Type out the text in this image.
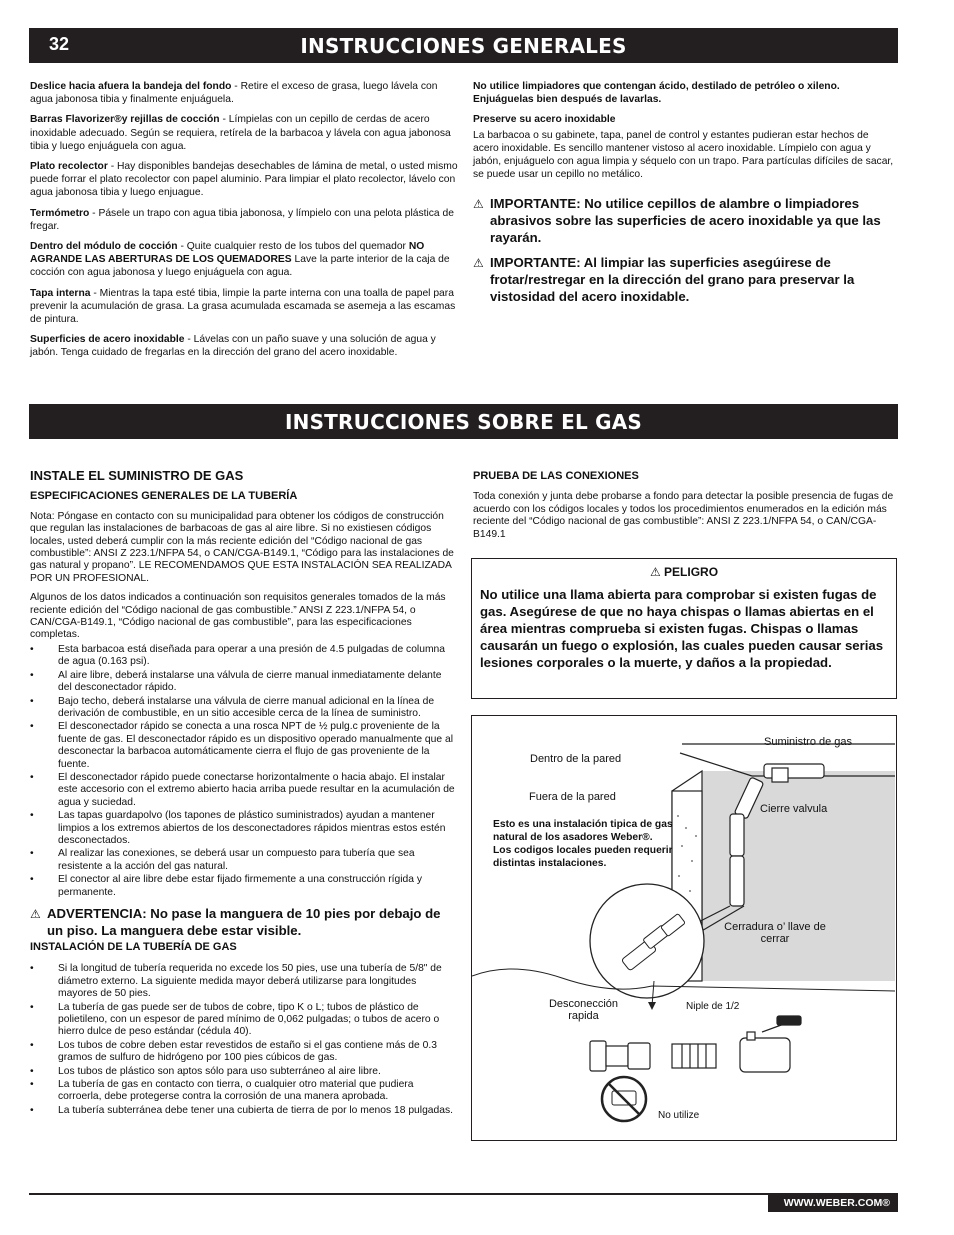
32	INSTRUCCIONES GENERALES

Deslice hacia afuera la bandeja del fondo - Retire el exceso de grasa, luego lávela con agua jabonosa tibia y finalmente enjuáguela.

Barras Flavorizer®y rejillas de cocción - Límpielas con un cepillo de cerdas de acero inoxidable adecuado. Según se requiera, retírela de la barbacoa y lávela con agua jabonosa tibia y luego enjuáguela con agua.

Plato recolector - Hay disponibles bandejas desechables de lámina de metal, o usted mismo puede forrar el plato recolector con papel aluminio. Para limpiar el plato recolector, lávelo con agua jabonosa tibia y luego enjuague.

Termómetro - Pásele un trapo con agua tibia jabonosa, y límpielo con una pelota plástica de fregar.

Dentro del módulo de cocción - Quite cualquier resto de los tubos del quemador NO AGRANDE LAS ABERTURAS DE LOS QUEMADORES Lave la parte interior de la caja de cocción con agua jabonosa y luego enjuáguela con agua.

Tapa interna - Mientras la tapa esté tibia, limpie la parte interna con una toalla de papel para prevenir la acumulación de grasa. La grasa acumulada escamada se asemeja a las escamas de pintura.

Superficies de acero inoxidable - Lávelas con un paño suave y una solución de agua y jabón. Tenga cuidado de fregarlas en la dirección del grano del acero inoxidable.

No utilice limpiadores que contengan ácido, destilado de petróleo o xileno. Enjuáguelas bien después de lavarlas.

Preserve su acero inoxidable

La barbacoa o su gabinete, tapa, panel de control y estantes pudieran estar hechos de acero inoxidable. Es sencillo mantener vistoso al acero inoxidable. Límpielo con agua y jabón, enjuáguelo con agua limpia y séquelo con un trapo. Para partículas difíciles de sacar, se puede usar un cepillo no metálico.

⚠ IMPORTANTE: No utilice cepillos de alambre o limpiadores abrasivos sobre las superficies de acero inoxidable ya que las rayarán.
⚠ IMPORTANTE: Al limpiar las superficies asegúirese de frotar/restregar en la dirección del grano para preservar la vistosidad del acero inoxidable.
INSTRUCCIONES SOBRE EL GAS
INSTALE EL SUMINISTRO DE GAS
ESPECIFICACIONES GENERALES DE LA TUBERÍA

Nota: Póngase en contacto con su municipalidad para obtener los códigos de construcción que regulan las instalaciones de barbacoas de gas al aire libre. Si no existiesen códigos locales, usted deberá cumplir con la más reciente edición del “Código nacional de gas combustible”: ANSI Z 223.1/NFPA 54, o CAN/CGA-B149.1, “Código para las instalaciones de gas natural y propano”. LE RECOMENDAMOS QUE ESTA INSTALACIÓN SEA REALIZADA POR UN PROFESIONAL.

Algunos de los datos indicados a continuación son requisitos generales tomados de la más reciente edición del “Código nacional de gas combustible.” ANSI Z 223.1/NFPA 54, o CAN/CGA-B149.1, “Código nacional de gas combustible”, para las especificaciones completas.

• Esta barbacoa está diseñada para operar a una presión de 4.5 pulgadas de columna de agua (0.163 psi).
• Al aire libre, deberá instalarse una válvula de cierre manual inmediatamente delante del desconectador rápido.
• Bajo techo, deberá instalarse una válvula de cierre manual adicional en la línea de derivación de combustible, en un sitio accesible cerca de la línea de suministro.
• El desconectador rápido se conecta a una rosca NPT de ½ pulg.c proveniente de la fuente de gas. El desconectador rápido es un dispositivo operado manualmente que al desconectar la barbacoa automáticamente cierra el flujo de gas proveniente de la fuente.
• El desconectador rápido puede conectarse horizontalmente o hacia abajo. El instalar este accesorio con el extremo abierto hacia arriba puede resultar en la acumulación de agua y suciedad.
• Las tapas guardapolvo (los tapones de plástico suministrados) ayudan a mantener limpios a los extremos abiertos de los desconectadores rápidos mientras estos estén desconectados.
• Al realizar las conexiones, se deberá usar un compuesto para tubería que sea resistente a la acción del gas natural.
• El conector al aire libre debe estar fijado firmemente a una construcción rígida y permanente.
⚠ ADVERTENCIA: No pase la manguera de 10 pies por debajo de un piso. La manguera debe estar visible.
INSTALACIÓN DE LA TUBERÍA DE GAS
• Si la longitud de tubería requerida no excede los 50 pies, use una tubería de 5/8" de diámetro externo. La siguiente medida mayor deberá utilizarse para longitudes mayores de 50 pies.
• La tubería de gas puede ser de tubos de cobre, tipo K o L; tubos de plástico de polietileno, con un espesor de pared mínimo de 0,062 pulgadas; o tubos de acero o hierro dulce de peso estándar (cédula 40).
• Los tubos de cobre deben estar revestidos de estaño si el gas contiene más de 0.3 gramos de sulfuro de hidrógeno por 100 pies cúbicos de gas.
• Los tubos de plástico son aptos sólo para uso subterráneo al aire libre.
• La tubería de gas en contacto con tierra, o cualquier otro material que pudiera corroerla, debe protegerse contra la corrosión de una manera aprobada.
• La tubería subterránea debe tener una cubierta de tierra de por lo menos 18 pulgadas.
PRUEBA DE LAS CONEXIONES

Toda conexión y junta debe probarse a fondo para detectar la posible presencia de fugas de acuerdo con los códigos locales y todos los procedimientos enumerados en la edición más reciente del “Código nacional de gas combustible”: ANSI Z 223.1/NFPA 54, o CAN/CGA-B149.1

⚠ PELIGRO
No utilice una llama abierta para comprobar si existen fugas de gas. Asegúrese de que no haya chispas o llamas abiertas en el área mientras comprueba si existen fugas. Chispas o llamas causarán un fuego o explosión, las cuales pueden causar serias lesiones corporales o la muerte, y daños a la propiedad.
Dentro de la pared
Suministro de gas
Fuera de la pared
Cierre valvula
Esto es una instalación tipica de gas natural de los asadores Weber®. Los codigos locales pueden requerir distintas instalaciones.
Cerradura o’ llave de cerrar
Desconección rapida
Niple de 1/2
No utilize
WWW.WEBER.COM®
